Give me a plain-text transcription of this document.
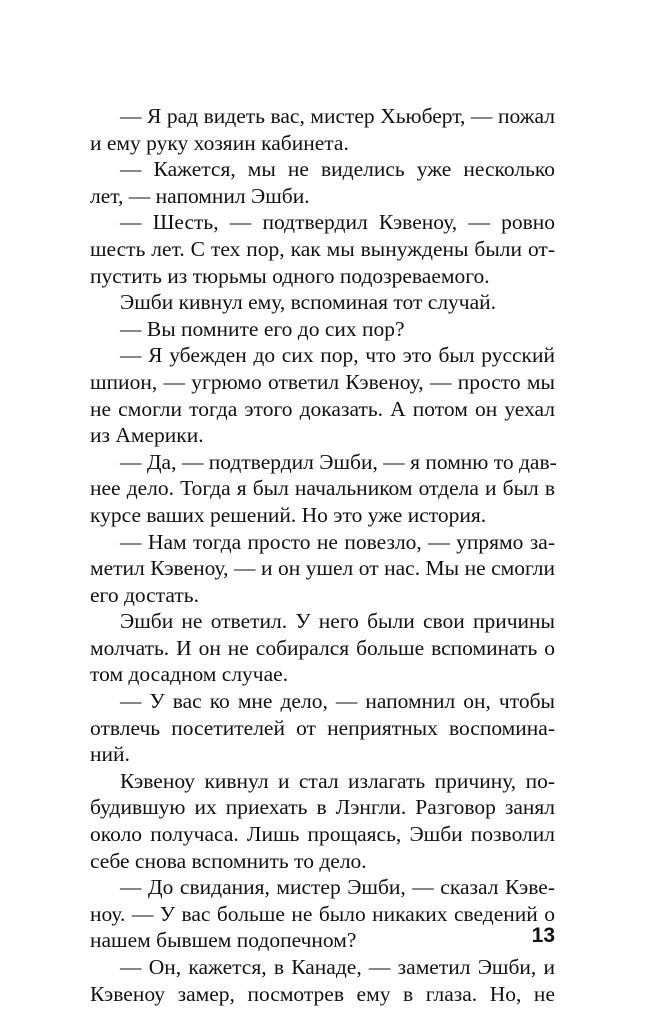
— Я рад видеть вас, мистер Хьюберт, — пожал
и ему руку хозяин кабинета.
— Кажется, мы не виделись уже несколько
лет, — напомнил Эшби.
— Шесть, — подтвердил Кэвеноу, — ровно
шесть лет. С тех пор, как мы вынуждены были от-
пустить из тюрьмы одного подозреваемого.
Эшби кивнул ему, вспоминая тот случай.
— Вы помните его до сих пор?
— Я убежден до сих пор, что это был русский
шпион, — угрюмо ответил Кэвеноу, — просто мы
не смогли тогда этого доказать. А потом он уехал
из Америки.
— Да, — подтвердил Эшби, — я помню то дав-
нее дело. Тогда я был начальником отдела и был в
курсе ваших решений. Но это уже история.
— Нам тогда просто не повезло, — упрямо за-
метил Кэвеноу, — и он ушел от нас. Мы не смогли
его достать.
Эшби не ответил. У него были свои причины
молчать. И он не собирался больше вспоминать о
том досадном случае.
— У вас ко мне дело, — напомнил он, чтобы
отвлечь посетителей от неприятных воспомина-
ний.
Кэвеноу кивнул и стал излагать причину, по-
будившую их приехать в Лэнгли. Разговор занял
около получаса. Лишь прощаясь, Эшби позволил
себе снова вспомнить то дело.
— До свидания, мистер Эшби, — сказал Кэве-
ноу. — У вас больше не было никаких сведений о
нашем бывшем подопечном?
— Он, кажется, в Канаде, — заметил Эшби, и
Кэвеноу замер, посмотрев ему в глаза. Но, не
13
